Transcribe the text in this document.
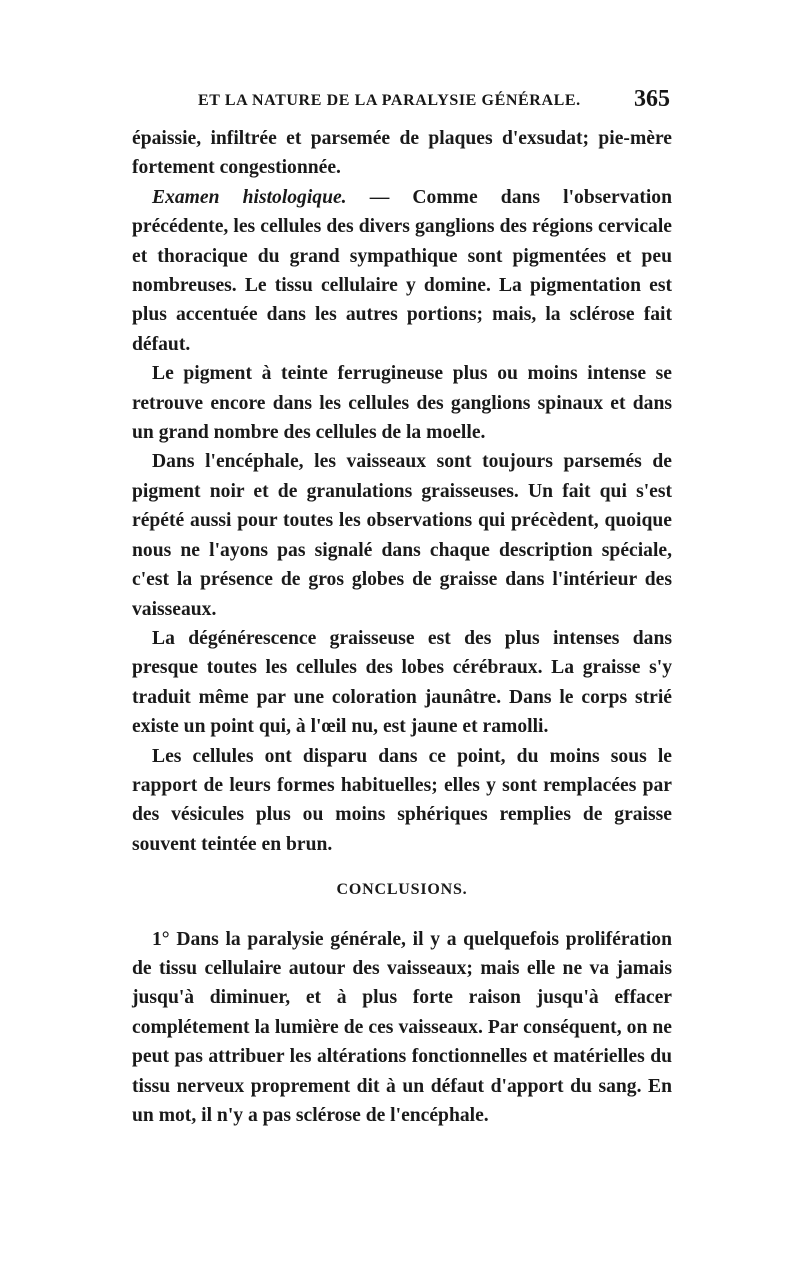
ET LA NATURE DE LA PARALYSIE GÉNÉRALE. 365

épaissie, infiltrée et parsemée de plaques d'exsudat; pie-mère fortement congestionnée.

Examen histologique. — Comme dans l'observation précédente, les cellules des divers ganglions des régions cervicale et thoracique du grand sympathique sont pigmentées et peu nombreuses. Le tissu cellulaire y domine. La pigmentation est plus accentuée dans les autres portions; mais, la sclérose fait défaut.

Le pigment à teinte ferrugineuse plus ou moins intense se retrouve encore dans les cellules des ganglions spinaux et dans un grand nombre des cellules de la moelle.

Dans l'encéphale, les vaisseaux sont toujours parsemés de pigment noir et de granulations graisseuses. Un fait qui s'est répété aussi pour toutes les observations qui précèdent, quoique nous ne l'ayons pas signalé dans chaque description spéciale, c'est la présence de gros globes de graisse dans l'intérieur des vaisseaux.

La dégénérescence graisseuse est des plus intenses dans presque toutes les cellules des lobes cérébraux. La graisse s'y traduit même par une coloration jaunâtre. Dans le corps strié existe un point qui, à l'œil nu, est jaune et ramolli.

Les cellules ont disparu dans ce point, du moins sous le rapport de leurs formes habituelles; elles y sont remplacées par des vésicules plus ou moins sphériques remplies de graisse souvent teintée en brun.

CONCLUSIONS.

1° Dans la paralysie générale, il y a quelquefois prolifération de tissu cellulaire autour des vaisseaux; mais elle ne va jamais jusqu'à diminuer, et à plus forte raison jusqu'à effacer complétement la lumière de ces vaisseaux. Par conséquent, on ne peut pas attribuer les altérations fonctionnelles et matérielles du tissu nerveux proprement dit à un défaut d'apport du sang. En un mot, il n'y a pas sclérose de l'encéphale.
